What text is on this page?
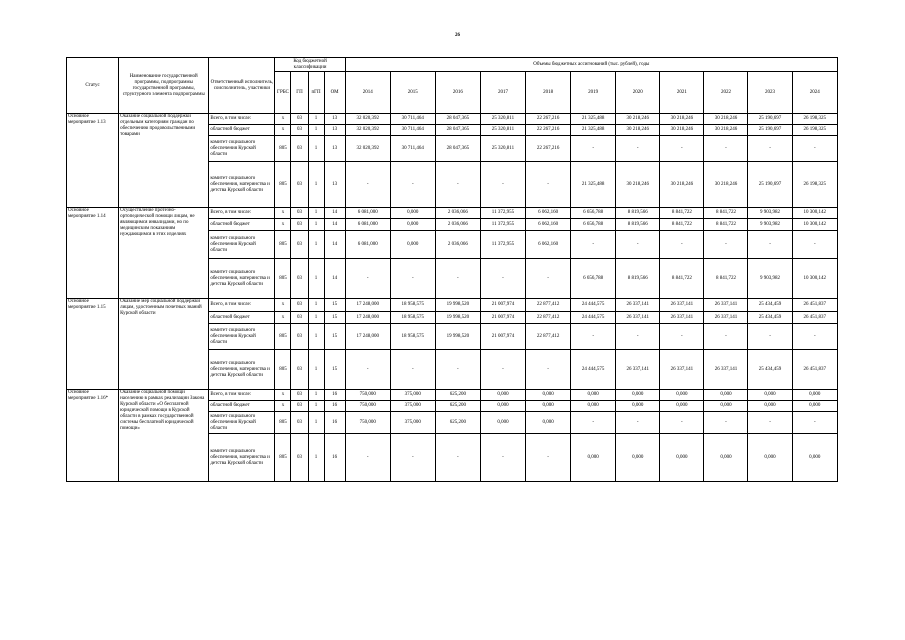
26
Статус	Наименование государственной программы, подпрограммы государственной программы, структурного элемента подпрограммы	Ответственный исполнитель, соисполнитель, участники	Код бюджетной классификации				Объемы бюджетных ассигнований (тыс. рублей), годы										
			ГРБС	ГП	пГП	ОМ	2014	2015	2016	2017	2018	2019	2020	2021	2022	2023	2024
Основное мероприятие 1.13	Оказание социальной поддержки отдельным категориям граждан по обеспечению продовольственными товарами	Всего, в том числе:	х	03	1	13	32 020,392	30 711,464	28 047,365	25 320,811	22 267,216	21 325,488	30 218,246	30 218,246	30 218,246	25 190,697	26 198,325
		областной бюджет	х	03	1	13	32 020,392	30 711,464	28 047,365	25 320,811	22 267,216	21 325,488	30 218,246	30 218,246	30 218,246	25 190,697	26 198,325
		комитет социального обеспечения Курской области	805	03	1	13	32 020,392	30 711,464	28 047,365	25 320,811	22 267,216	-	-	-	-	-	-
		комитет социального обеспечения, материнства и детства Курской области	805	03	1	13	-	-	-	-	-	21 325,488	30 218,246	30 218,246	30 218,246	25 190,697	26 198,325
Основное мероприятие 1.14	Осуществление протезно-ортопедической помощи лицам, не являющимся инвалидами, но по медицинским показаниям нуждающимся в этих изделиях	Всего, в том числе:	х	03	1	14	6 081,000	0,000	2 036,066	11 372,955	6 062,160	6 656,788	8 819,566	8 841,722	8 841,722	9 903,982	10 300,142
		областной бюджет	х	03	1	14	6 081,000	0,000	2 036,066	11 372,955	6 062,160	6 656,788	8 819,566	8 841,722	8 841,722	9 903,982	10 300,142
		комитет социального обеспечения Курской области	805	03	1	14	6 081,000	0,000	2 036,066	11 372,955	6 062,160	-	-	-	-	-	-
		комитет социального обеспечения, материнства и детства Курской области	805	03	1	14	-	-	-	-	-	6 656,788	8 819,566	8 841,722	8 841,722	9 903,982	10 300,142
Основное мероприятие 1.15	Оказание мер социальной поддержки лицам, удостоенным почетных званий Курской области	Всего, в том числе:	х	03	1	15	17 248,000	18 958,575	19 998,520	21 007,974	22 877,412	24 444,575	26 337,141	26 337,141	26 337,141	25 434,459	26 451,837
		областной бюджет	х	03	1	15	17 248,000	18 958,575	19 998,520	21 007,974	22 877,412	24 444,575	26 337,141	26 337,141	26 337,141	25 434,459	26 451,837
		комитет социального обеспечения Курской области	805	03	1	15	17 248,000	18 958,575	19 998,520	21 007,974	22 877,412	-	-	-	-	-	-
		комитет социального обеспечения, материнства и детства Курской области	805	03	1	15	-	-	-	-	-	24 444,575	26 337,141	26 337,141	26 337,141	25 434,459	26 451,837
Основное мероприятие 1.16*	Оказание социальной помощи населению в рамках реализации Закона Курской области «О бесплатной юридической помощи в Курской области в рамках государственной системы бесплатной юридической помощи»	Всего, в том числе:	х	03	1	16	750,000	375,000	625,200	0,000	0,000	0,000	0,000	0,000	0,000	0,000	0,000
		областной бюджет	х	03	1	16	750,000	375,000	625,200	0,000	0,000	0,000	0,000	0,000	0,000	0,000	0,000
		комитет социального обеспечения Курской области	805	03	1	16	750,000	375,000	625,200	0,000	0,000	-	-	-	-	-	-
		комитет социального обеспечения, материнства и детства Курской области	805	03	1	16	-	-	-	-	-	0,000	0,000	0,000	0,000	0,000	0,000
